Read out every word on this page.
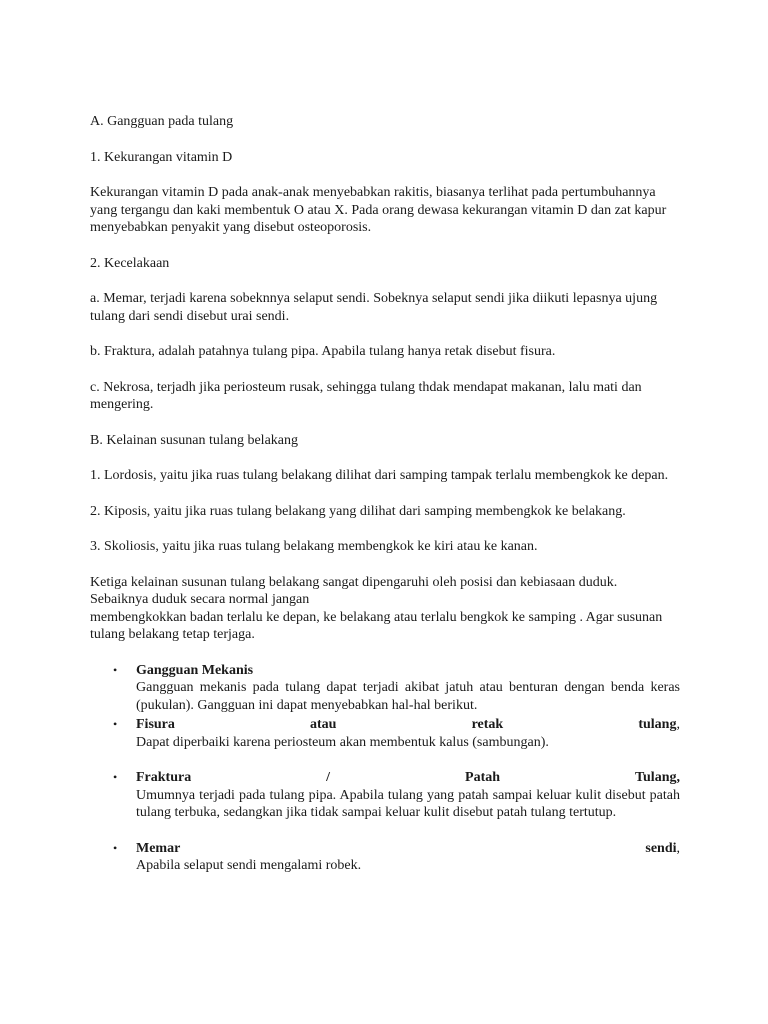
A. Gangguan pada tulang

1. Kekurangan vitamin D

Kekurangan vitamin D pada anak-anak menyebabkan rakitis, biasanya terlihat pada pertumbuhannya yang tergangu dan kaki membentuk O atau X. Pada orang dewasa kekurangan vitamin D dan zat kapur menyebabkan penyakit yang disebut osteoporosis.

2. Kecelakaan

a. Memar, terjadi karena sobeknnya selaput sendi. Sobeknya selaput sendi jika diikuti lepasnya ujung tulang dari sendi disebut urai sendi.

b. Fraktura, adalah patahnya tulang pipa. Apabila tulang hanya retak disebut fisura.

c. Nekrosa, terjadh jika periosteum rusak, sehingga tulang thdak mendapat makanan, lalu mati dan mengering.

B. Kelainan susunan tulang belakang

1. Lordosis, yaitu jika ruas tulang belakang dilihat dari samping tampak terlalu membengkok ke depan.

2. Kiposis, yaitu jika ruas tulang belakang yang dilihat dari samping membengkok ke belakang.

3. Skoliosis, yaitu jika ruas tulang belakang membengkok ke kiri atau ke kanan.

Ketiga kelainan susunan tulang belakang sangat dipengaruhi oleh posisi dan kebiasaan duduk.
Sebaiknya duduk secara normal jangan
membengkokkan badan terlalu ke depan, ke belakang atau terlalu bengkok ke samping . Agar susunan tulang belakang tetap terjaga.

• Gangguan Mekanis
Gangguan mekanis pada tulang dapat terjadi akibat jatuh atau benturan dengan benda keras (pukulan). Gangguan ini dapat menyebabkan hal-hal berikut.
• Fisura	atau	retak	tulang,
Dapat diperbaiki karena periosteum akan membentuk kalus (sambungan).
• Fraktura	/	Patah	Tulang,
Umumnya terjadi pada tulang pipa. Apabila tulang yang patah sampai keluar kulit disebut patah tulang terbuka, sedangkan jika tidak sampai keluar kulit disebut patah tulang tertutup.
• Memar	sendi,
Apabila selaput sendi mengalami robek.
